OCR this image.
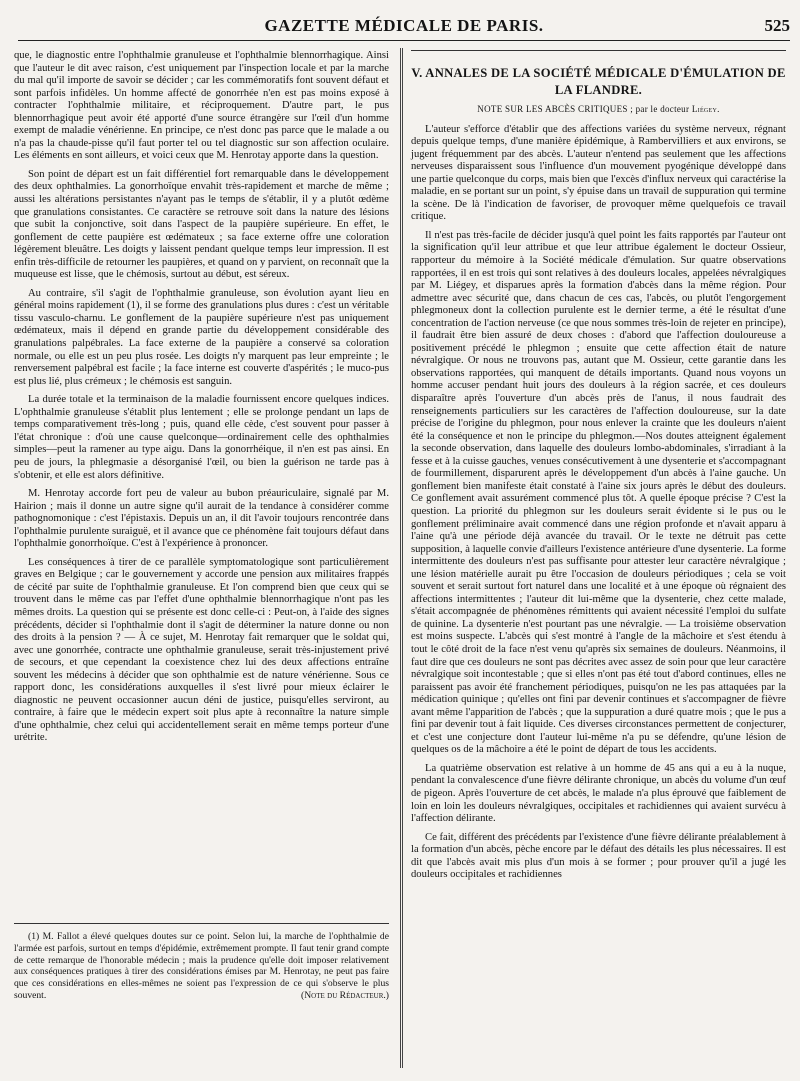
GAZETTE MÉDICALE DE PARIS.	525

que, le diagnostic entre l'ophthalmie granuleuse et l'ophthalmie blennorrhagique. Ainsi que l'auteur le dit avec raison, c'est uniquement par l'inspection locale et par la marche du mal qu'il importe de savoir se décider ; car les commémoratifs font souvent défaut et sont parfois infidèles. Un homme affecté de gonorrhée n'en est pas moins exposé à contracter l'ophthalmie militaire, et réciproquement. D'autre part, le pus blennorrhagique peut avoir été apporté d'une source étrangère sur l'œil d'un homme exempt de maladie vénérienne. En principe, ce n'est donc pas parce que le malade a ou n'a pas la chaude-pisse qu'il faut porter tel ou tel diagnostic sur son affection oculaire. Les éléments en sont ailleurs, et voici ceux que M. Henrotay apporte dans la question.

Son point de départ est un fait différentiel fort remarquable dans le développement des deux ophthalmies. La gonorrhoïque envahit très-rapidement et marche de même ; aussi les altérations persistantes n'ayant pas le temps de s'établir, il y a plutôt œdème que granulations consistantes. Ce caractère se retrouve soit dans la nature des lésions que subit la conjonctive, soit dans l'aspect de la paupière supérieure. En effet, le gonflement de cette paupière est œdémateux ; sa face externe offre une coloration légèrement bleuâtre. Les doigts y laissent pendant quelque temps leur impression. Il est enfin très-difficile de retourner les paupières, et quand on y parvient, on reconnaît que la muqueuse est lisse, que le chémosis, surtout au début, est séreux.

Au contraire, s'il s'agit de l'ophthalmie granuleuse, son évolution ayant lieu en général moins rapidement (1), il se forme des granulations plus dures : c'est un véritable tissu vasculo-charnu. Le gonflement de la paupière supérieure n'est pas uniquement œdémateux, mais il dépend en grande partie du développement considérable des granulations palpébrales. La face externe de la paupière a conservé sa coloration normale, ou elle est un peu plus rosée. Les doigts n'y marquent pas leur empreinte ; le renversement palpébral est facile ; la face interne est couverte d'aspérités ; le muco-pus est plus lié, plus crémeux ; le chémosis est sanguin.

La durée totale et la terminaison de la maladie fournissent encore quelques indices. L'ophthalmie granuleuse s'établit plus lentement ; elle se prolonge pendant un laps de temps comparativement très-long ; puis, quand elle cède, c'est souvent pour passer à l'état chronique : d'où une cause quelconque—ordinairement celle des ophthalmies simples—peut la ramener au type aigu. Dans la gonorrhéique, il n'en est pas ainsi. En peu de jours, la phlegmasie a désorganisé l'œil, ou bien la guérison ne tarde pas à s'obtenir, et elle est alors définitive.

M. Henrotay accorde fort peu de valeur au bubon préauriculaire, signalé par M. Hairion ; mais il donne un autre signe qu'il aurait de la tendance à considérer comme pathognomonique : c'est l'épistaxis. Depuis un an, il dit l'avoir toujours rencontrée dans l'ophthalmie purulente suraiguë, et il avance que ce phénomène fait toujours défaut dans l'ophthalmie gonorrhoïque. C'est à l'expérience à prononcer.

Les conséquences à tirer de ce parallèle symptomatologique sont particulièrement graves en Belgique ; car le gouvernement y accorde une pension aux militaires frappés de cécité par suite de l'ophthalmie granuleuse. Et l'on comprend bien que ceux qui se trouvent dans le même cas par l'effet d'une ophthalmie blennorrhagique n'ont pas les mêmes droits. La question qui se présente est donc celle-ci : Peut-on, à l'aide des signes précédents, décider si l'ophthalmie dont il s'agit de déterminer la nature donne ou non des droits à la pension ? — À ce sujet, M. Henrotay fait remarquer que le soldat qui, avec une gonorrhée, contracte une ophthalmie granuleuse, serait très-injustement privé de secours, et que cependant la coexistence chez lui des deux affections entraîne souvent les médecins à décider que son ophthalmie est de nature vénérienne. Sous ce rapport donc, les considérations auxquelles il s'est livré pour mieux éclairer le diagnostic ne peuvent occasionner aucun déni de justice, puisqu'elles serviront, au contraire, à faire que le médecin expert soit plus apte à reconnaître la nature simple d'une ophthalmie, chez celui qui accidentellement serait en même temps porteur d'une urétrite.

(1) M. Fallot a élevé quelques doutes sur ce point. Selon lui, la marche de l'ophthalmie de l'armée est parfois, surtout en temps d'épidémie, extrêmement prompte. Il faut tenir grand compte de cette remarque de l'honorable médecin ; mais la prudence qu'elle doit imposer relativement aux conséquences pratiques à tirer des considérations émises par M. Henrotay, ne peut pas faire que ces considérations en elles-mêmes ne soient pas l'expression de ce qui s'observe le plus souvent.	(Note du Rédacteur.)

V. ANNALES DE LA SOCIÉTÉ MÉDICALE D'ÉMULATION DE LA FLANDRE.
NOTE SUR LES ABCÈS CRITIQUES ; par le docteur Liégey.

L'auteur s'efforce d'établir que des affections variées du système nerveux, régnant depuis quelque temps, d'une manière épidémique, à Rambervilliers et aux environs, se jugent fréquemment par des abcès. L'auteur n'entend pas seulement que les affections nerveuses disparaissent sous l'influence d'un mouvement pyogénique développé dans une partie quelconque du corps, mais bien que l'excès d'influx nerveux qui caractérise la maladie, en se portant sur un point, s'y épuise dans un travail de suppuration qui termine la scène. De là l'indication de favoriser, de provoquer même quelquefois ce travail critique.

Il n'est pas très-facile de décider jusqu'à quel point les faits rapportés par l'auteur ont la signification qu'il leur attribue et que leur attribue également le docteur Ossieur, rapporteur du mémoire à la Société médicale d'émulation. Sur quatre observations rapportées, il en est trois qui sont relatives à des douleurs locales, appelées névralgiques par M. Liégey, et disparues après la formation d'abcès dans la même région. Pour admettre avec sécurité que, dans chacun de ces cas, l'abcès, ou plutôt l'engorgement phlegmoneux dont la collection purulente est le dernier terme, a été le résultat d'une concentration de l'action nerveuse (ce que nous sommes très-loin de rejeter en principe), il faudrait être bien assuré de deux choses : d'abord que l'affection douloureuse a positivement précédé le phlegmon ; ensuite que cette affection était de nature névralgique. Or nous ne trouvons pas, autant que M. Ossieur, cette garantie dans les observations rapportées, qui manquent de détails importants. Quand nous voyons un homme accuser pendant huit jours des douleurs à la région sacrée, et ces douleurs disparaître après l'ouverture d'un abcès près de l'anus, il nous faudrait des renseignements particuliers sur les caractères de l'affection douloureuse, sur la date précise de l'origine du phlegmon, pour nous enlever la crainte que les douleurs n'aient été la conséquence et non le principe du phlegmon.—Nos doutes atteignent également la seconde observation, dans laquelle des douleurs lombo-abdominales, s'irradiant à la fesse et à la cuisse gauches, venues consécutivement à une dysenterie et s'accompagnant de fourmillement, disparurent après le développement d'un abcès à l'aine gauche. Un gonflement bien manifeste était constaté à l'aine six jours après le début des douleurs. Ce gonflement avait assurément commencé plus tôt. A quelle époque précise ? C'est la question. La priorité du phlegmon sur les douleurs serait évidente si le pus ou le gonflement préliminaire avait commencé dans une région profonde et n'avait apparu à l'aine qu'à une période déjà avancée du travail. Or le texte ne détruit pas cette supposition, à laquelle convie d'ailleurs l'existence antérieure d'une dysenterie. La forme intermittente des douleurs n'est pas suffisante pour attester leur caractère névralgique ; une lésion matérielle aurait pu être l'occasion de douleurs périodiques ; cela se voit souvent et serait surtout fort naturel dans une localité et à une époque où régnaient des affections intermittentes ; l'auteur dit lui-même que la dysenterie, chez cette malade, s'était accompagnée de phénomènes rémittents qui avaient nécessité l'emploi du sulfate de quinine. La dysenterie n'est pourtant pas une névralgie. — La troisième observation est moins suspecte. L'abcès qui s'est montré à l'angle de la mâchoire et s'est étendu à tout le côté droit de la face n'est venu qu'après six semaines de douleurs. Néanmoins, il faut dire que ces douleurs ne sont pas décrites avec assez de soin pour que leur caractère névralgique soit incontestable ; que si elles n'ont pas été tout d'abord continues, elles ne paraissent pas avoir été franchement périodiques, puisqu'on ne les pas attaquées par la médication quinique ; qu'elles ont fini par devenir continues et s'accompagner de fièvre avant même l'apparition de l'abcès ; que la suppuration a duré quatre mois ; que le pus a fini par devenir tout à fait liquide. Ces diverses circonstances permettent de conjecturer, et c'est une conjecture dont l'auteur lui-même n'a pu se défendre, qu'une lésion de quelques os de la mâchoire a été le point de départ de tous les accidents.

La quatrième observation est relative à un homme de 45 ans qui a eu à la nuque, pendant la convalescence d'une fièvre délirante chronique, un abcès du volume d'un œuf de pigeon. Après l'ouverture de cet abcès, le malade n'a plus éprouvé que faiblement de loin en loin les douleurs névralgiques, occipitales et rachidiennes qui avaient survécu à l'affection délirante.

Ce fait, différent des précédents par l'existence d'une fièvre délirante préalablement à la formation d'un abcès, pèche encore par le défaut des détails les plus nécessaires. Il est dit que l'abcès avait mis plus d'un mois à se former ; pour prouver qu'il a jugé les douleurs occipitales et rachidiennes
